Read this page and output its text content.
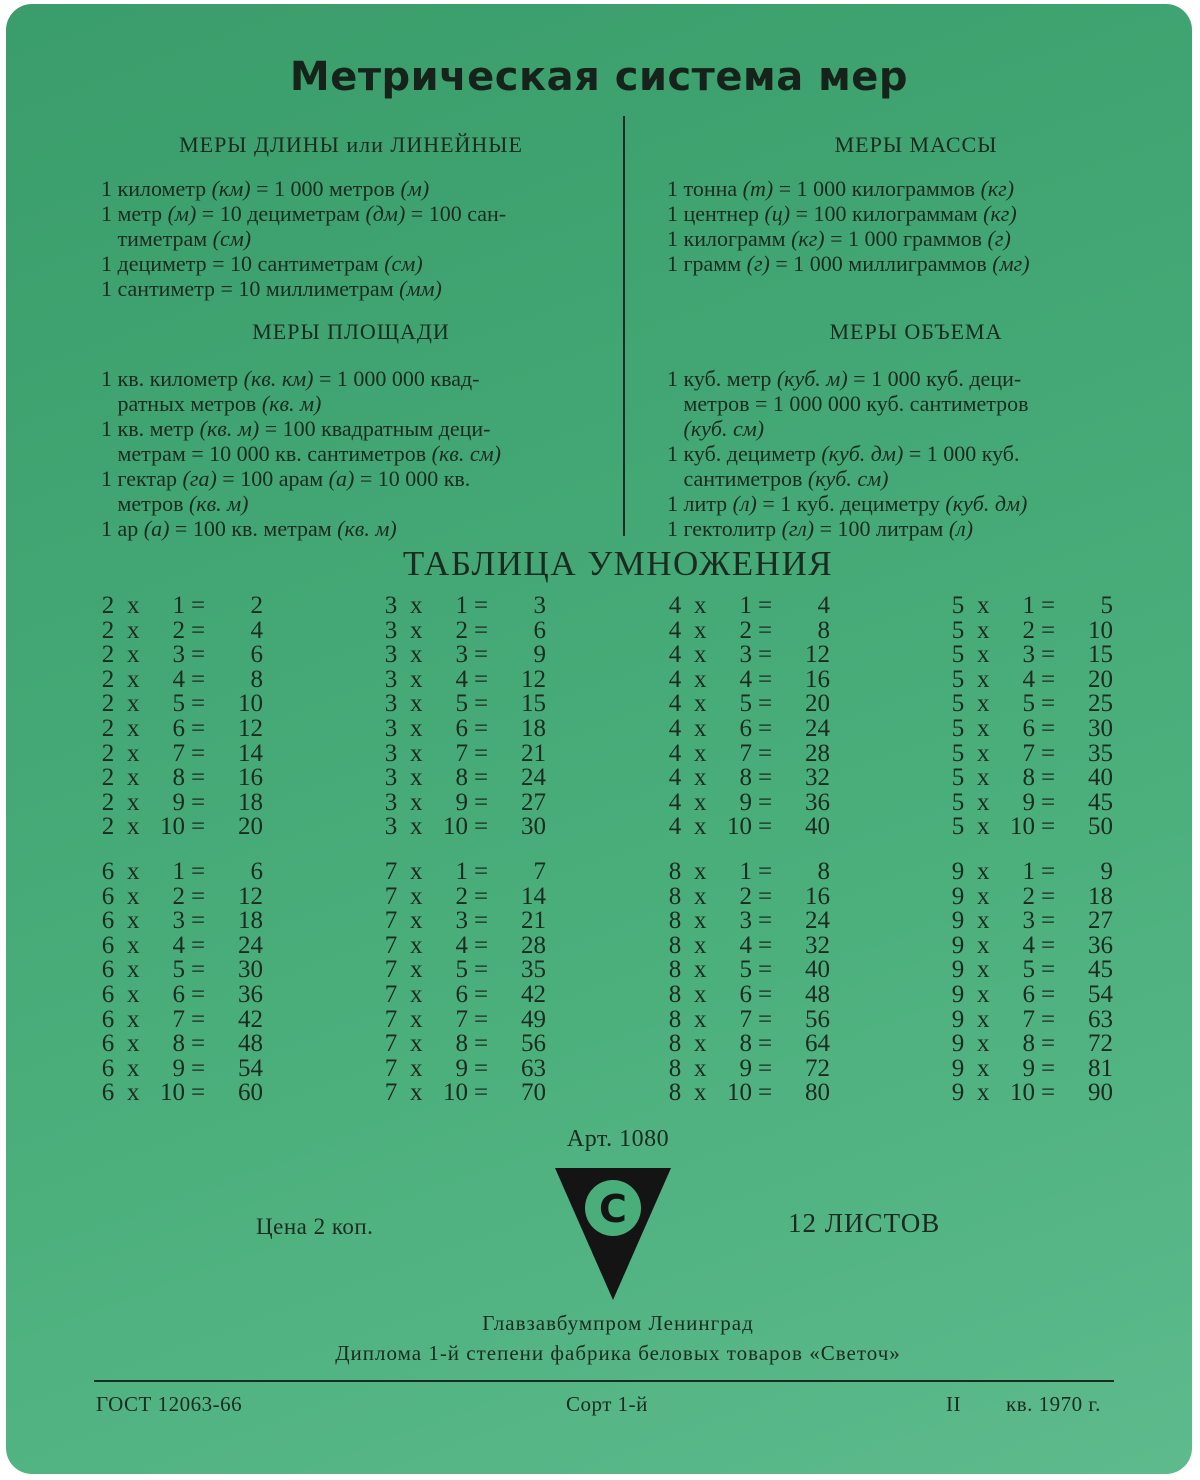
Метрическая система мер
МЕРЫ ДЛИНЫ или ЛИНЕЙНЫЕ
1 километр (км) = 1 000 метров (м)
1 метр (м) = 10 дециметрам (дм) = 100 сан-
тиметрам (см)
1 дециметр = 10 сантиметрам (см)
1 сантиметр = 10 миллиметрам (мм)
МЕРЫ МАССЫ
1 тонна (т) = 1 000 килограммов (кг)
1 центнер (ц) = 100 килограммам (кг)
1 килограмм (кг) = 1 000 граммов (г)
1 грамм (г) = 1 000 миллиграммов (мг)
МЕРЫ ПЛОЩАДИ
1 кв. километр (кв. км) = 1 000 000 квад-
ратных метров (кв. м)
1 кв. метр (кв. м) = 100 квадратным деци-
метрам = 10 000 кв. сантиметров (кв. см)
1 гектар (га) = 100 арам (а) = 10 000 кв.
метров (кв. м)
1 ар (а) = 100 кв. метрам (кв. м)
МЕРЫ ОБЪЕМА
1 куб. метр (куб. м) = 1 000 куб. деци-
метров = 1 000 000 куб. сантиметров
(куб. см)
1 куб. дециметр (куб. дм) = 1 000 куб.
сантиметров (куб. см)
1 литр (л) = 1 куб. дециметру (куб. дм)
1 гектолитр (гл) = 100 литрам (л)
ТАБЛИЦА УМНОЖЕНИЯ
2 x	1 =	2
2 x	2 =	4
2 x	3 =	6
2 x	4 =	8
2 x	5 =	10
2 x	6 =	12
2 x	7 =	14
2 x	8 =	16
2 x	9 =	18
2 x 10 =	20
3 x	1 =	3
3 x	2 =	6
3 x	3 =	9
3 x	4 =	12
3 x	5 =	15
3 x	6 =	18
3 x	7 =	21
3 x	8 =	24
3 x	9 =	27
3 x 10 =	30
4 x	1 =	4
4 x	2 =	8
4 x	3 =	12
4 x	4 =	16
4 x	5 =	20
4 x	6 =	24
4 x	7 =	28
4 x	8 =	32
4 x	9 =	36
4 x 10 =	40
5 x	1 =	5
5 x	2 =	10
5 x	3 =	15
5 x	4 =	20
5 x	5 =	25
5 x	6 =	30
5 x	7 =	35
5 x	8 =	40
5 x	9 =	45
5 x 10 =	50
6 x	1 =	6
6 x	2 =	12
6 x	3 =	18
6 x	4 =	24
6 x	5 =	30
6 x	6 =	36
6 x	7 =	42
6 x	8 =	48
6 x	9 =	54
6 x 10 =	60
7 x	1 =	7
7 x	2 =	14
7 x	3 =	21
7 x	4 =	28
7 x	5 =	35
7 x	6 =	42
7 x	7 =	49
7 x	8 =	56
7 x	9 =	63
7 x 10 =	70
8 x	1 =	8
8 x	2 =	16
8 x	3 =	24
8 x	4 =	32
8 x	5 =	40
8 x	6 =	48
8 x	7 =	56
8 x	8 =	64
8 x	9 =	72
8 x 10 =	80
9 x	1 =	9
9 x	2 =	18
9 x	3 =	27
9 x	4 =	36
9 x	5 =	45
9 x	6 =	54
9 x	7 =	63
9 x	8 =	72
9 x	9 =	81
9 x 10 =	90
Арт. 1080
Цена 2 коп.	С	12 ЛИСТОВ
Главзавбумпром Ленинград
Диплома 1-й степени фабрика беловых товаров «Светоч»
ГОСТ 12063-66	Сорт 1-й	II кв. 1970 г.
